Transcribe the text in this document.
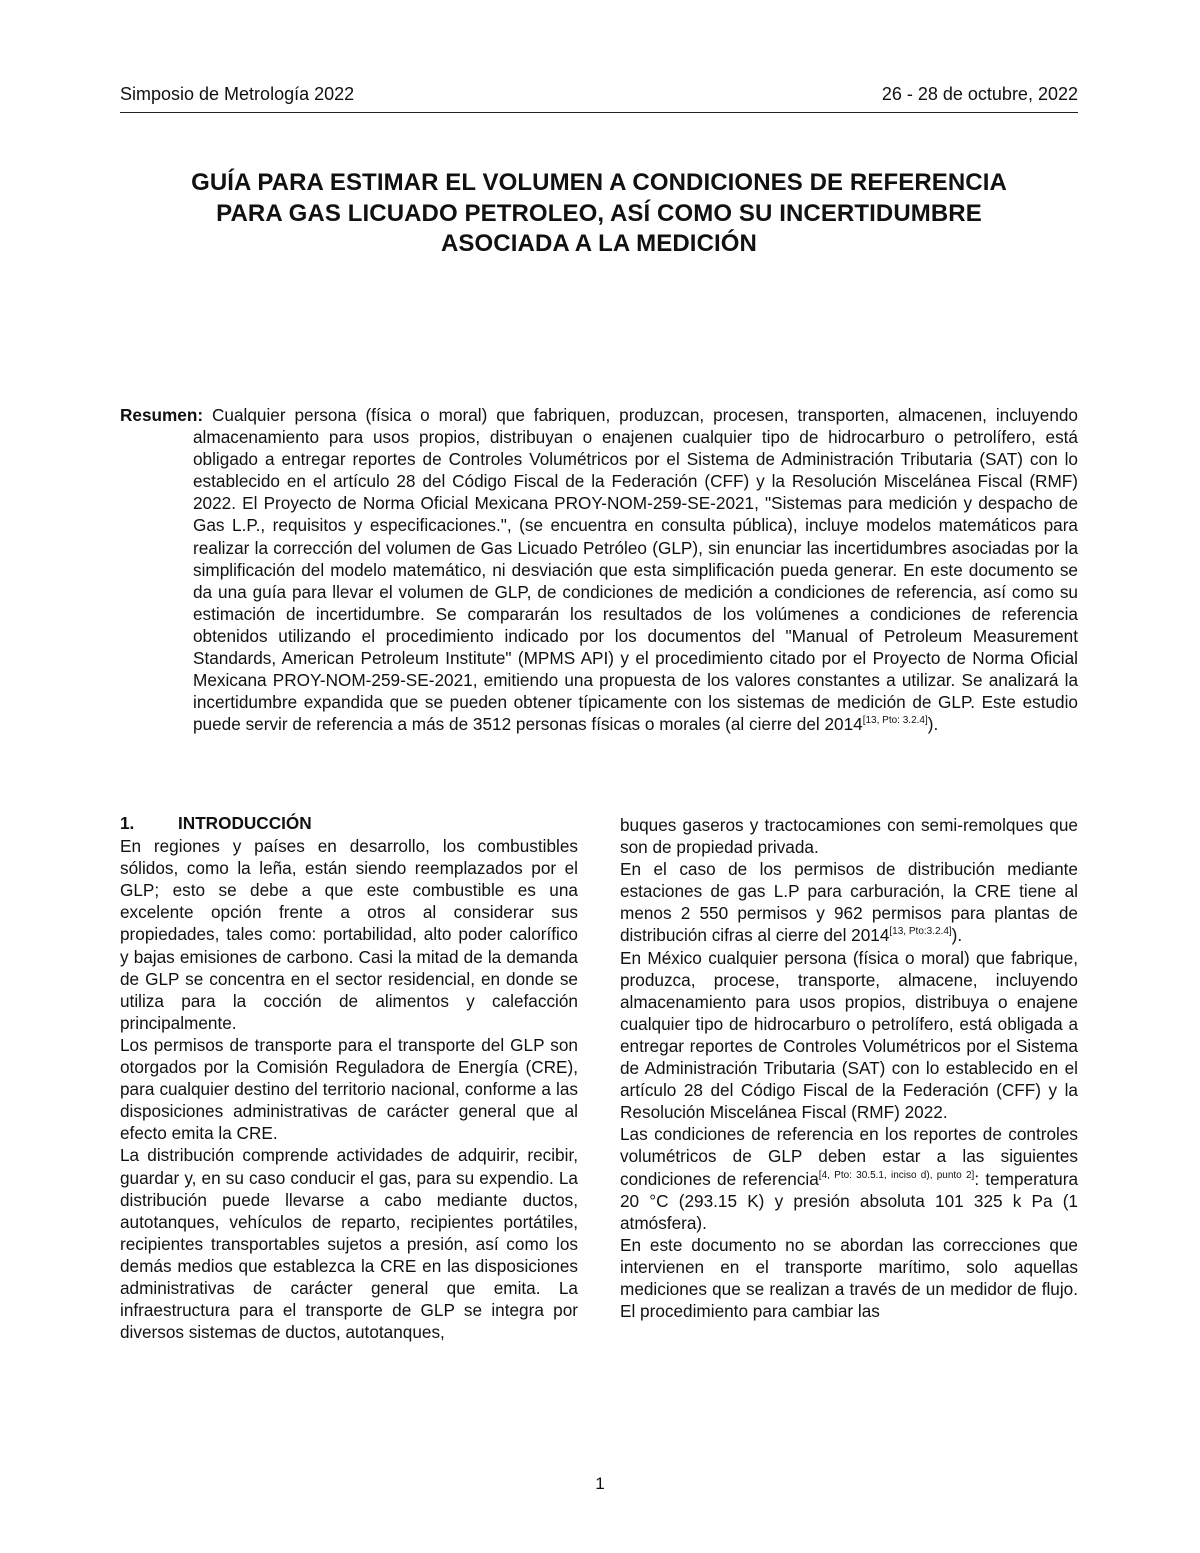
Simposio de Metrología 2022	26 - 28 de octubre, 2022
GUÍA PARA ESTIMAR EL VOLUMEN A CONDICIONES DE REFERENCIA
PARA GAS LICUADO PETROLEO, ASÍ COMO SU INCERTIDUMBRE
ASOCIADA A LA MEDICIÓN
Resumen: Cualquier persona (física o moral) que fabriquen, produzcan, procesen, transporten, almacenen, incluyendo almacenamiento para usos propios, distribuyan o enajenen cualquier tipo de hidrocarburo o petrolífero, está obligado a entregar reportes de Controles Volumétricos por el Sistema de Administración Tributaria (SAT) con lo establecido en el artículo 28 del Código Fiscal de la Federación (CFF) y la Resolución Miscelánea Fiscal (RMF) 2022. El Proyecto de Norma Oficial Mexicana PROY-NOM-259-SE-2021, "Sistemas para medición y despacho de Gas L.P., requisitos y especificaciones.", (se encuentra en consulta pública), incluye modelos matemáticos para realizar la corrección del volumen de Gas Licuado Petróleo (GLP), sin enunciar las incertidumbres asociadas por la simplificación del modelo matemático, ni desviación que esta simplificación pueda generar. En este documento se da una guía para llevar el volumen de GLP, de condiciones de medición a condiciones de referencia, así como su estimación de incertidumbre. Se compararán los resultados de los volúmenes a condiciones de referencia obtenidos utilizando el procedimiento indicado por los documentos del "Manual of Petroleum Measurement Standards, American Petroleum Institute" (MPMS API) y el procedimiento citado por el Proyecto de Norma Oficial Mexicana PROY-NOM-259-SE-2021, emitiendo una propuesta de los valores constantes a utilizar. Se analizará la incertidumbre expandida que se pueden obtener típicamente con los sistemas de medición de GLP. Este estudio puede servir de referencia a más de 3512 personas físicas o morales (al cierre del 2014[13, Pto: 3.2.4]).
1.	INTRODUCCIÓN

En regiones y países en desarrollo, los combustibles sólidos, como la leña, están siendo reemplazados por el GLP; esto se debe a que este combustible es una excelente opción frente a otros al considerar sus propiedades, tales como: portabilidad, alto poder calorífico y bajas emisiones de carbono. Casi la mitad de la demanda de GLP se concentra en el sector residencial, en donde se utiliza para la cocción de alimentos y calefacción principalmente.

Los permisos de transporte para el transporte del GLP son otorgados por la Comisión Reguladora de Energía (CRE), para cualquier destino del territorio nacional, conforme a las disposiciones administrativas de carácter general que al efecto emita la CRE.

La distribución comprende actividades de adquirir, recibir, guardar y, en su caso conducir el gas, para su expendio. La distribución puede llevarse a cabo mediante ductos, autotanques, vehículos de reparto, recipientes portátiles, recipientes transportables sujetos a presión, así como los demás medios que establezca la CRE en las disposiciones administrativas de carácter general que emita. La infraestructura para el transporte de GLP se integra por diversos sistemas de ductos, autotanques,

buques gaseros y tractocamiones con semi-remolques que son de propiedad privada.

En el caso de los permisos de distribución mediante estaciones de gas L.P para carburación, la CRE tiene al menos 2 550 permisos y 962 permisos para plantas de distribución cifras al cierre del 2014[13, Pto:3.2.4]).

En México cualquier persona (física o moral) que fabrique, produzca, procese, transporte, almacene, incluyendo almacenamiento para usos propios, distribuya o enajene cualquier tipo de hidrocarburo o petrolífero, está obligada a entregar reportes de Controles Volumétricos por el Sistema de Administración Tributaria (SAT) con lo establecido en el artículo 28 del Código Fiscal de la Federación (CFF) y la Resolución Miscelánea Fiscal (RMF) 2022.

Las condiciones de referencia en los reportes de controles volumétricos de GLP deben estar a las siguientes condiciones de referencia[4, Pto: 30.5.1, inciso d), punto 2]: temperatura 20 °C (293.15 K) y presión absoluta 101 325 k Pa (1 atmósfera).

En este documento no se abordan las correcciones que intervienen en el transporte marítimo, solo aquellas mediciones que se realizan a través de un medidor de flujo. El procedimiento para cambiar las

1
